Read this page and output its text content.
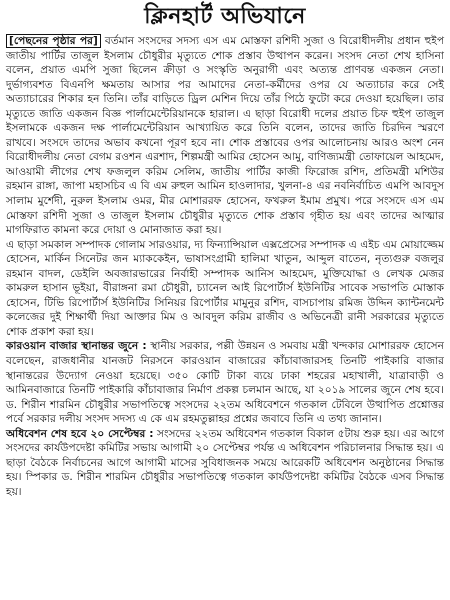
ক্লিনহার্ট অভিযানে

[পেছনের পৃষ্ঠার পর] বর্তমান সংসদের সদস্য এস এম মোস্তফা রশিদী সুজা ও বিরোধীদলীয় প্রধান হুইপ জাতীয় পার্টির তাজুল ইসলাম চৌধুরীর মৃত্যুতে শোক প্রস্তাব উত্থাপন করেন। সংসদ নেতা শেখ হাসিনা বলেন, প্রয়াত এমপি সুজা ছিলেন ক্রীড়া ও সংস্কৃতি অনুরাগী এবং অত্যন্ত প্রাণবন্ত একজন নেতা। দুর্ভাগ্যবশত বিএনপি ক্ষমতায় আসার পর আমাদের নেতা-কর্মীদের ওপর যে অত্যাচার করে সেই অত্যাচারের শিকার হন তিনি। তাঁর বাড়িতে ড্রিল মেশিন দিয়ে তাঁর পিঠে ফুটো করে দেওয়া হয়েছিল। তার মৃত্যুতে জাতি একজন বিজ্ঞ পার্লামেন্টেরিয়ানকে হারাল। এ ছাড়া বিরোধী দলের প্রয়াত চিফ হুইপ তাজুল ইসলামকে একজন দক্ষ পার্লামেন্টেরিয়ান আখ্যায়িত করে তিনি বলেন, তাদের জাতি চিরদিন স্মরণে রাখবে। সংসদে তাদের অভাব কখনো পূরণ হবে না। শোক প্রস্তাবের ওপর আলোচনায় আরও অংশ নেন বিরোধীদলীয় নেতা বেগম রওশন এরশাদ, শিল্পমন্ত্রী আমির হোসেন আমু, বাণিজ্যমন্ত্রী তোফায়েল আহমেদ, আওয়ামী লীগের শেখ ফজলুল করিম সেলিম, জাতীয় পার্টির কাজী ফিরোজ রশিদ, প্রতিমন্ত্রী মশিউর রহমান রাঙ্গা, জাপা মহাসচিব এ বি এম রুহুল আমিন হাওলাদার, খুলনা-৪ এর নবনির্বাচিত এমপি আবদুস সালাম মুর্শেদী, নুরুল ইসলাম ওমর, মীর মোশাররফ হোসেন, ফখরুল ইমাম প্রমুখ। পরে সংসদে এস এম মোস্তফা রশিদী সুজা ও তাজুল ইসলাম চৌধুরীর মৃত্যুতে শোক প্রস্তাব গৃহীত হয় এবং তাদের আত্মার মাগফিরাত কামনা করে দোয়া ও মোনাজাত করা হয়।

এ ছাড়া সমকাল সম্পাদক গোলাম সারওয়ার, দ্য ফিন্যান্সিয়াল এক্সপ্রেসের সম্পাদক এ এইচ এম মোয়াজ্জেম হোসেন, মার্কিন সিনেটর জন ম্যাককেইন, ভাষাসংগ্রামী হালিমা খাতুন, আব্দুল বাতেন, নৃত্যগুরু বজলুর রহমান বাদল, ডেইলি অবজারভারের নির্বাহী সম্পাদক আনিস আহমেদ, মুক্তিযোদ্ধা ও লেখক মেজর কামরুল হাসান ভূইয়া, বীরাঙ্গনা রমা চৌধুরী, চ্যানেল আই রিপোর্টার্স ইউনিটির সাবেক সভাপতি মোস্তাক হোসেন, টিভি রিপোর্টার্স ইউনিটির সিনিয়র রিপোর্টার মামুনুর রশিদ, বাসচাপায় রমিজ উদ্দিন ক্যান্টনমেন্ট কলেজের দুই শিক্ষার্থী দিয়া আক্তার মিম ও আবদুল করিম রাজীব ও অভিনেত্রী রানী সরকারের মৃত্যুতে শোক প্রকাশ করা হয়।

কারওয়ান বাজার স্থানান্তর জুনে : স্থানীয় সরকার, পল্লী উন্নয়ন ও সমবায় মন্ত্রী খন্দকার মোশাররফ হোসেন বলেছেন, রাজধানীর যানজট নিরসনে কারওয়ান বাজারের কাঁচাবাজারসহ তিনটি পাইকারি বাজার স্থানান্তরের উদ্যোগ নেওয়া হয়েছে। ৩৫০ কোটি টাকা ব্যয়ে ঢাকা শহরের মহাখালী, যাত্রাবাড়ী ও আমিনবাজারে তিনটি পাইকারি কাঁচাবাজার নির্মাণ প্রকল্প চলমান আছে, যা ২০১৯ সালের জুনে শেষ হবে। ড. শিরীন শারমিন চৌধুরীর সভাপতিত্বে সংসদের ২২তম অধিবেশনে গতকাল টেবিলে উত্থাপিত প্রশ্নোত্তর পর্বে সরকার দলীয় সংসদ সদস্য এ কে এম রহমতুল্লাহর প্রশ্নের জবাবে তিনি এ তথ্য জানান।

অধিবেশন শেষ হবে ২০ সেপ্টেম্বর : সংসদের ২২তম অধিবেশন গতকাল বিকাল ৫টায় শুরু হয়। এর আগে সংসদের কার্যউপদেষ্টা কমিটির সভায় আগামী ২০ সেপ্টেম্বর পর্যন্ত এ অধিবেশন পরিচালনার সিদ্ধান্ত হয়। এ ছাড়া বৈঠকে নির্বাচনের আগে আগামী মাসের সুবিধাজনক সময়ে আরেকটি অধিবেশন অনুষ্ঠানের সিদ্ধান্ত হয়। স্পিকার ড. শিরীন শারমিন চৌধুরীর সভাপতিত্বে গতকাল কার্যউপদেষ্টা কমিটির বৈঠকে এসব সিদ্ধান্ত হয়।
